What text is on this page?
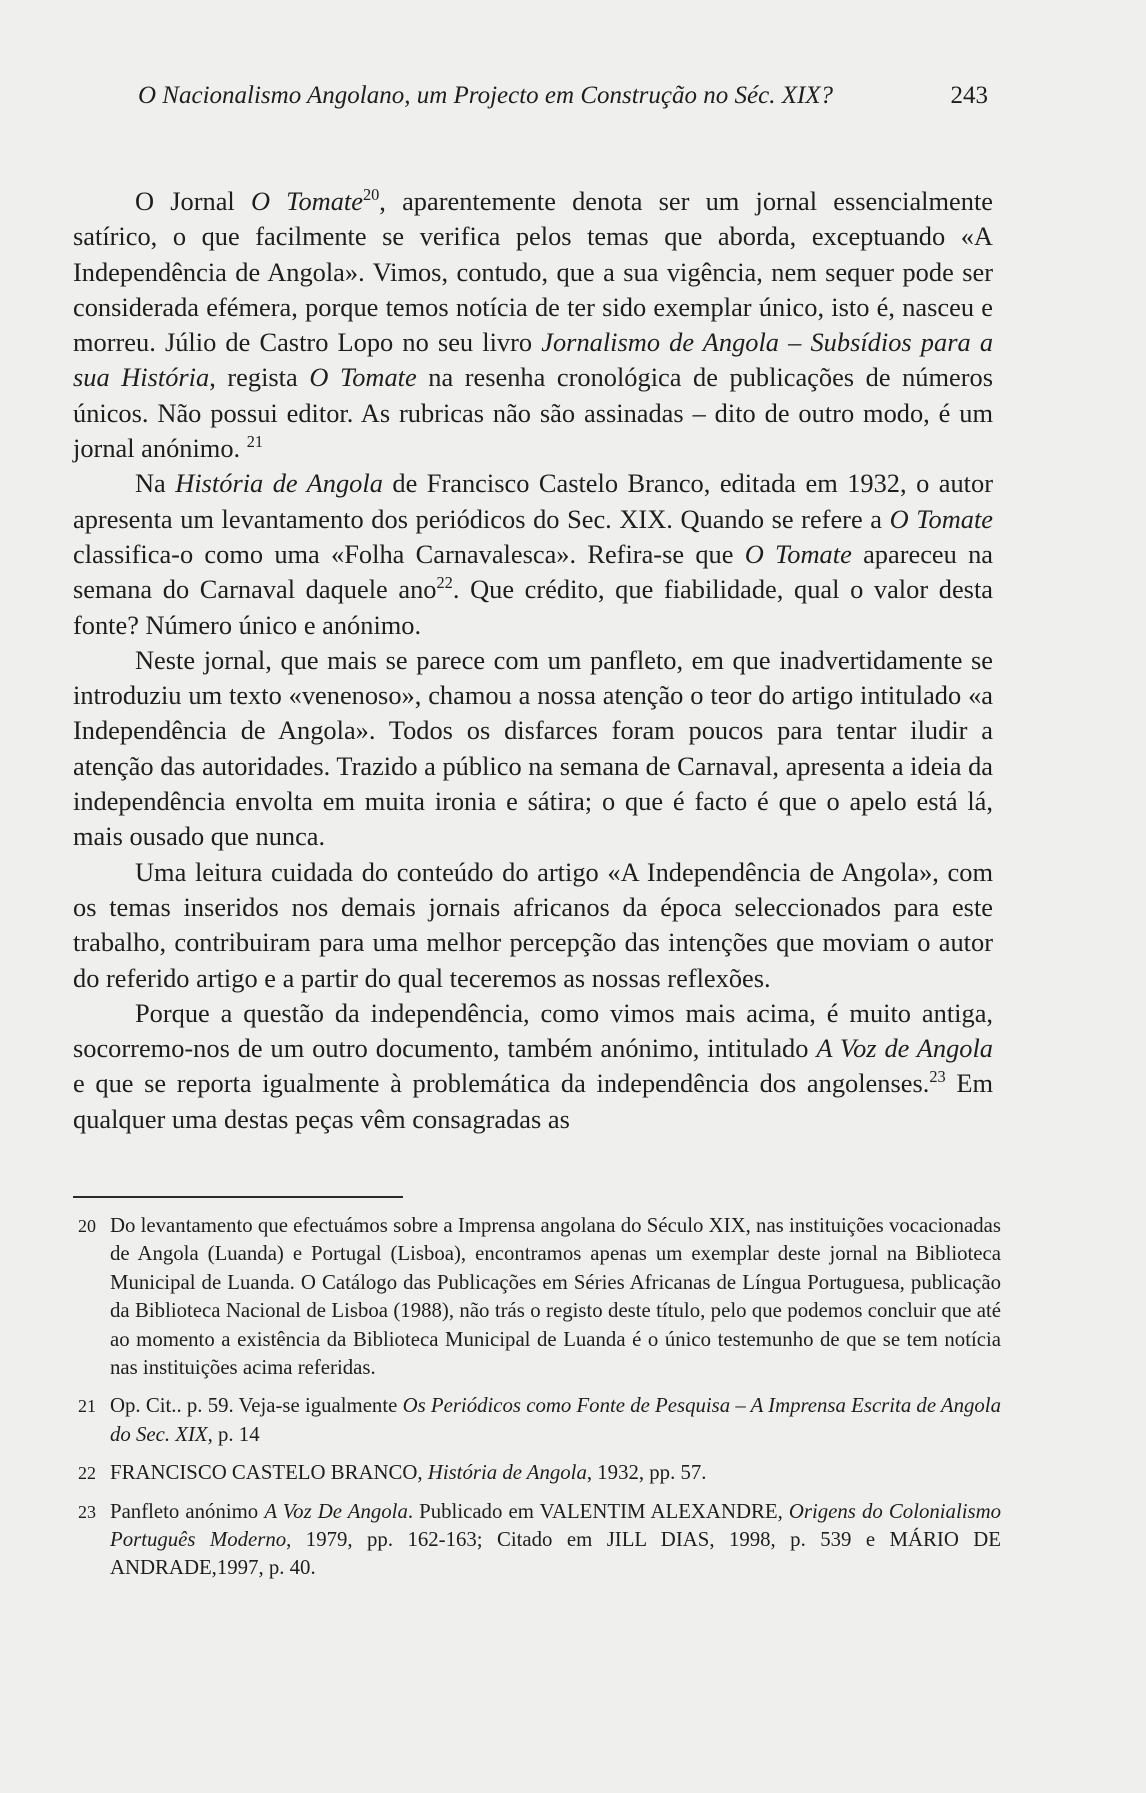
O Nacionalismo Angolano, um Projecto em Construção no Séc. XIX?	243

O Jornal O Tomate$^{20}$, aparentemente denota ser um jornal essencialmente satírico, o que facilmente se verifica pelos temas que aborda, exceptuando «A Independência de Angola». Vimos, contudo, que a sua vigência, nem sequer pode ser considerada efémera, porque temos notícia de ter sido exemplar único, isto é, nasceu e morreu. Júlio de Castro Lopo no seu livro Jornalismo de Angola – Subsídios para a sua História, regista O Tomate na resenha cronológica de publicações de números únicos. Não possui editor. As rubricas não são assinadas – dito de outro modo, é um jornal anónimo. $^{21}$

Na História de Angola de Francisco Castelo Branco, editada em 1932, o autor apresenta um levantamento dos periódicos do Sec. XIX. Quando se refere a O Tomate classifica-o como uma «Folha Carnavalesca». Refira-se que O Tomate apareceu na semana do Carnaval daquele ano$^{22}$. Que crédito, que fiabilidade, qual o valor desta fonte? Número único e anónimo.

Neste jornal, que mais se parece com um panfleto, em que inadvertidamente se introduziu um texto «venenoso», chamou a nossa atenção o teor do artigo intitulado «a Independência de Angola». Todos os disfarces foram poucos para tentar iludir a atenção das autoridades. Trazido a público na semana de Carnaval, apresenta a ideia da independência envolta em muita ironia e sátira; o que é facto é que o apelo está lá, mais ousado que nunca.

Uma leitura cuidada do conteúdo do artigo «A Independência de Angola», com os temas inseridos nos demais jornais africanos da época seleccionados para este trabalho, contribuiram para uma melhor percepção das intenções que moviam o autor do referido artigo e a partir do qual teceremos as nossas reflexões.

Porque a questão da independência, como vimos mais acima, é muito antiga, socorremo-nos de um outro documento, também anónimo, intitulado A Voz de Angola e que se reporta igualmente à problemática da independência dos angolenses.$^{23}$ Em qualquer uma destas peças vêm consagradas as

20 Do levantamento que efectuámos sobre a Imprensa angolana do Século XIX, nas instituições vocacionadas de Angola (Luanda) e Portugal (Lisboa), encontramos apenas um exemplar deste jornal na Biblioteca Municipal de Luanda. O Catálogo das Publicações em Séries Africanas de Língua Portuguesa, publicação da Biblioteca Nacional de Lisboa (1988), não trás o registo deste título, pelo que podemos concluir que até ao momento a existência da Biblioteca Municipal de Luanda é o único testemunho de que se tem notícia nas instituições acima referidas.
21 Op. Cit.. p. 59. Veja-se igualmente Os Periódicos como Fonte de Pesquisa – A Imprensa Escrita de Angola do Sec. XIX, p. 14
22 FRANCISCO CASTELO BRANCO, História de Angola, 1932, pp. 57.
23 Panfleto anónimo A Voz De Angola. Publicado em VALENTIM ALEXANDRE, Origens do Colonialismo Português Moderno, 1979, pp. 162-163; Citado em JILL DIAS, 1998, p. 539 e MÁRIO DE ANDRADE,1997, p. 40.
